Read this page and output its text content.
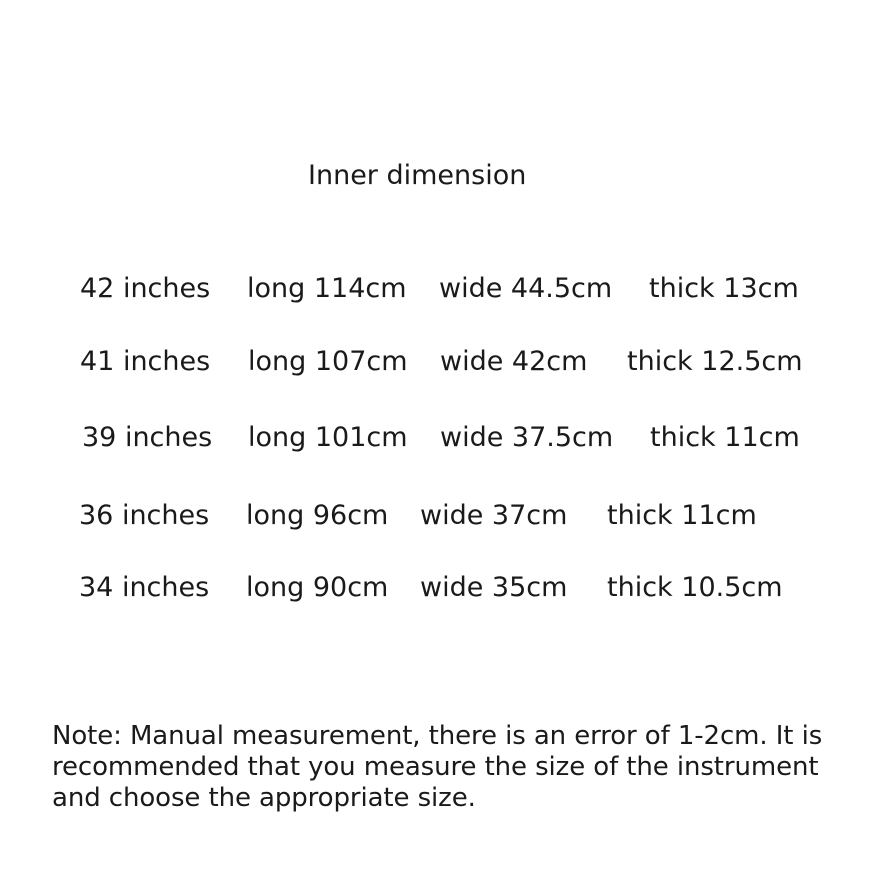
Inner dimension
42 inches long 114cm wide 44.5cm thick 13cm
41 inches long 107cm wide 42cm thick 12.5cm
39 inches long 101cm wide 37.5cm thick 11cm
36 inches long 96cm wide 37cm thick 11cm
34 inches long 90cm wide 35cm thick 10.5cm
Note: Manual measurement, there is an error of 1-2cm. It is recommended that you measure the size of the instrument and choose the appropriate size.
